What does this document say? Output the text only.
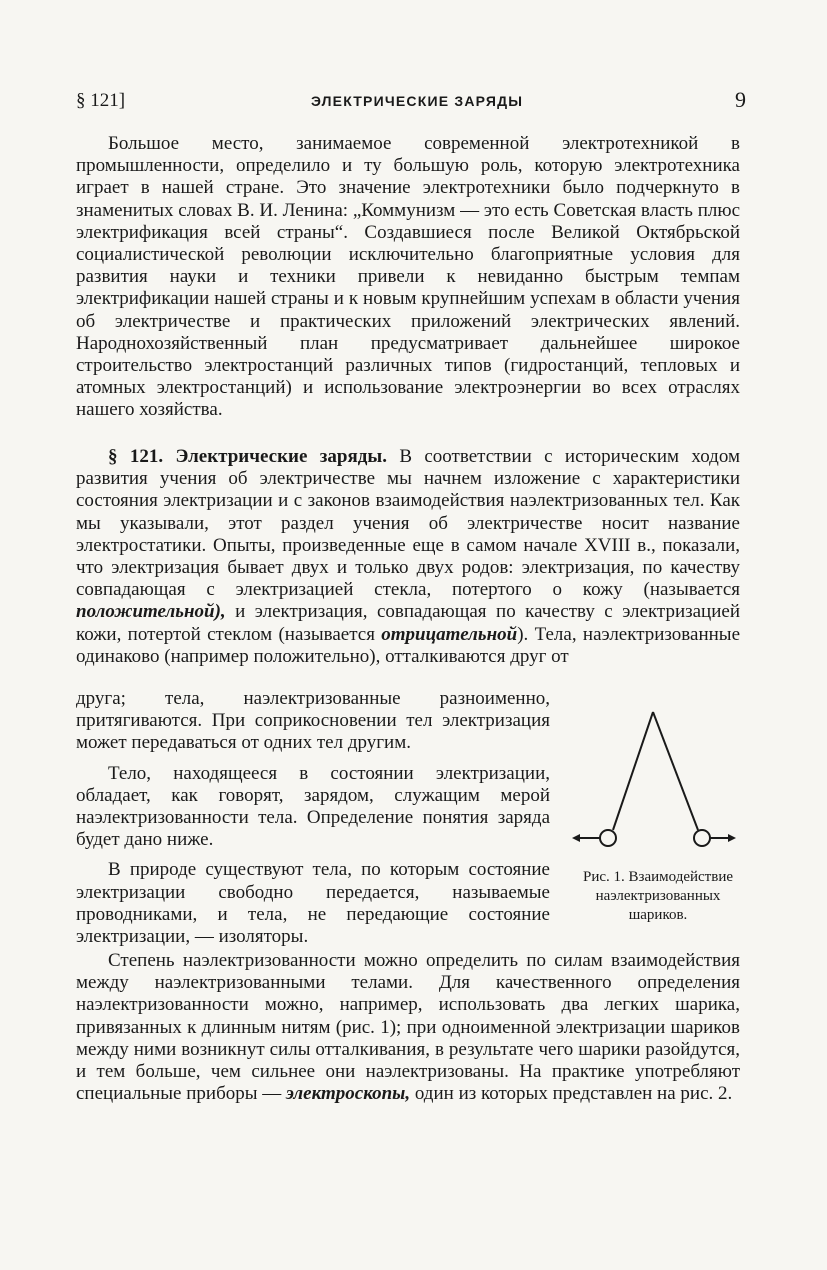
§ 121]	ЭЛЕКТРИЧЕСКИЕ ЗАРЯДЫ	9

Большое место, занимаемое современной электротехникой в промышленности, определило и ту большую роль, которую электротехника играет в нашей стране. Это значение электротехники было подчеркнуто в знаменитых словах В. И. Ленина: „Коммунизм — это есть Советская власть плюс электрификация всей страны“. Создавшиеся после Великой Октябрьской социалистической революции исключительно благоприятные условия для развития науки и техники привели к невиданно быстрым темпам электрификации нашей страны и к новым крупнейшим успехам в области учения об электричестве и практических приложений электрических явлений. Народнохозяйственный план предусматривает дальнейшее широкое строительство электростанций различных типов (гидростанций, тепловых и атомных электростанций) и использование электроэнергии во всех отраслях нашего хозяйства.

§ 121. Электрические заряды. В соответствии с историческим ходом развития учения об электричестве мы начнем изложение с характеристики состояния электризации и с законов взаимодействия наэлектризованных тел. Как мы указывали, этот раздел учения об электричестве носит название электростатики. Опыты, произведенные еще в самом начале XVIII в., показали, что электризация бывает двух и только двух родов: электризация, по качеству совпадающая с электризацией стекла, потертого о кожу (называется положительной), и электризация, совпадающая по качеству с электризацией кожи, потертой стеклом (называется отрицательной). Тела, наэлектризованные одинаково (например положительно), отталкиваются друг от

друга; тела, наэлектризованные разноименно, притягиваются. При соприкосновении тел электризация может передаваться от одних тел другим.

Тело, находящееся в состоянии электризации, обладает, как говорят, зарядом, служащим мерой наэлектризованности тела. Определение понятия заряда будет дано ниже.

В природе существуют тела, по которым состояние электризации свободно передается, называемые проводниками, и тела, не передающие состояние электризации, — изоляторы.

Рис. 1. Взаимодействие наэлектризованных шариков.

Степень наэлектризованности можно определить по силам взаимодействия между наэлектризованными телами. Для качественного определения наэлектризованности можно, например, использовать два легких шарика, привязанных к длинным нитям (рис. 1); при одноименной электризации шариков между ними возникнут силы отталкивания, в результате чего шарики разойдутся, и тем больше, чем сильнее они наэлектризованы. На практике употребляют специальные приборы — электроскопы, один из которых представлен на рис. 2.
